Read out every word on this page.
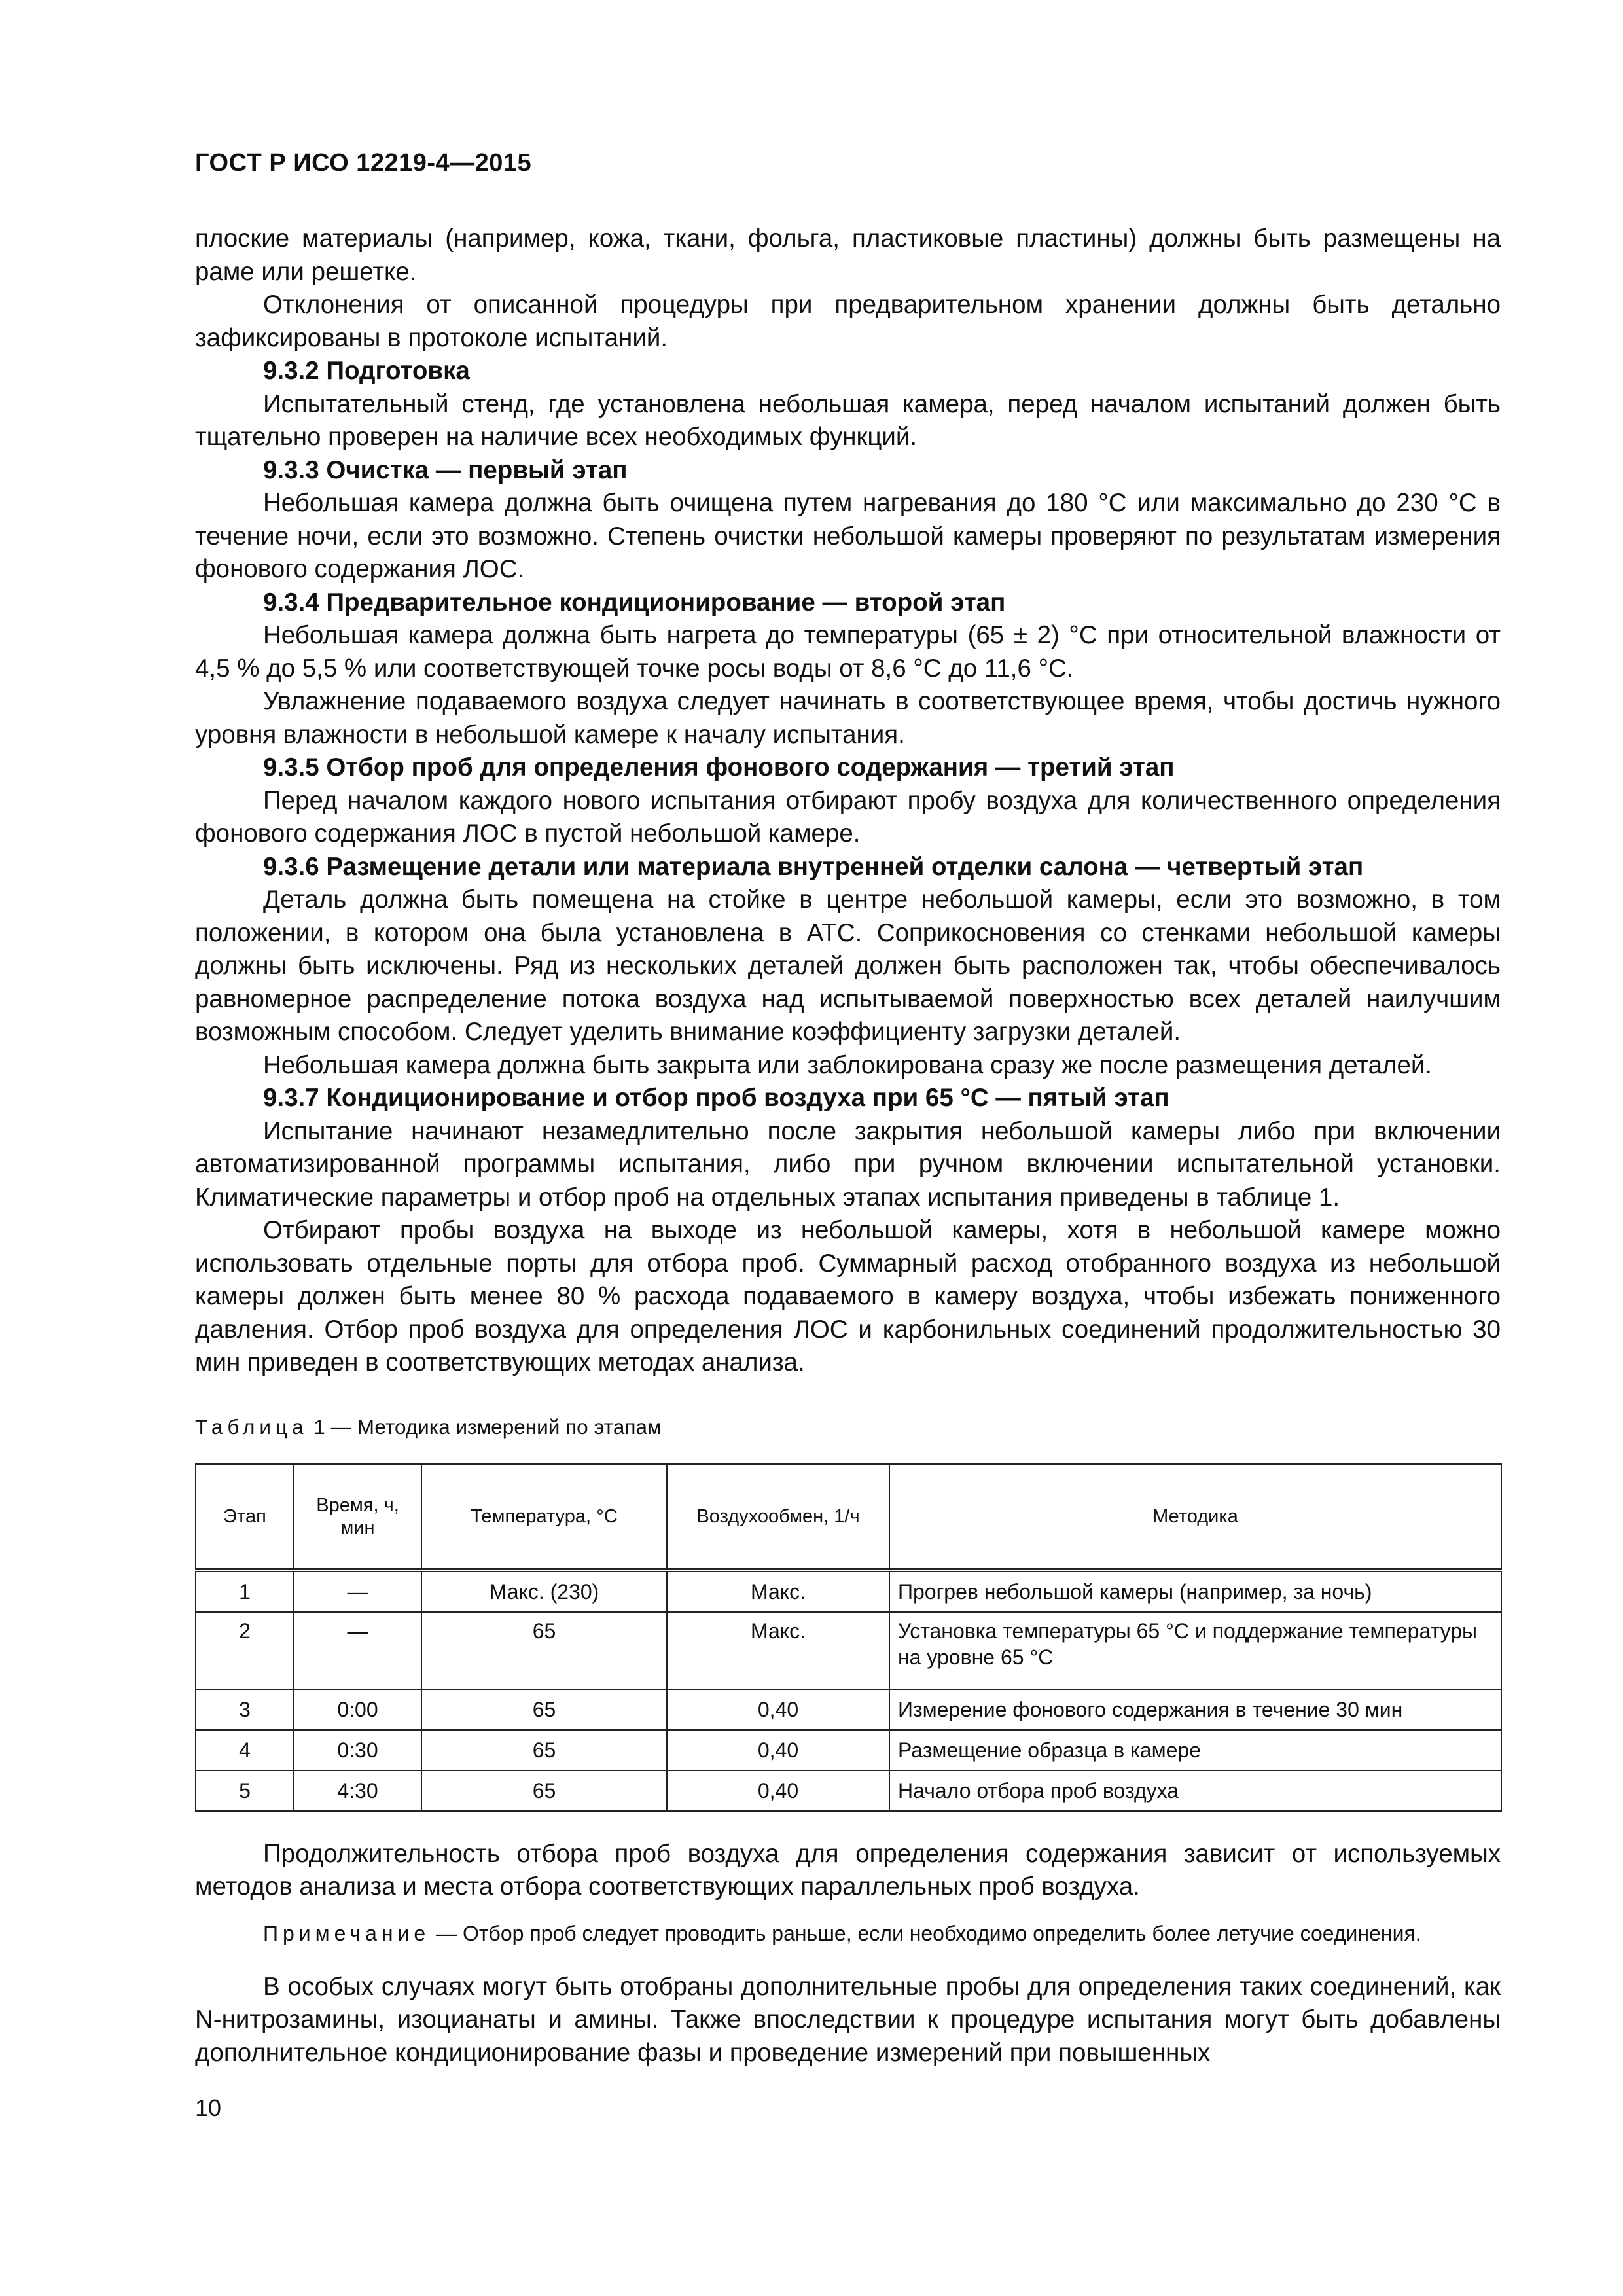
ГОСТ Р ИСО 12219-4—2015

плоские материалы (например, кожа, ткани, фольга, пластиковые пластины) должны быть размещены на раме или решетке.

Отклонения от описанной процедуры при предварительном хранении должны быть детально зафиксированы в протоколе испытаний.

9.3.2 Подготовка

Испытательный стенд, где установлена небольшая камера, перед началом испытаний должен быть тщательно проверен на наличие всех необходимых функций.

9.3.3 Очистка — первый этап

Небольшая камера должна быть очищена путем нагревания до 180 °С или максимально до 230 °С в течение ночи, если это возможно. Степень очистки небольшой камеры проверяют по результатам измерения фонового содержания ЛОС.

9.3.4 Предварительное кондиционирование — второй этап

Небольшая камера должна быть нагрета до температуры (65 ± 2) °С при относительной влажности от 4,5 % до 5,5 % или соответствующей точке росы воды от 8,6 °С до 11,6 °С.

Увлажнение подаваемого воздуха следует начинать в соответствующее время, чтобы достичь нужного уровня влажности в небольшой камере к началу испытания.

9.3.5 Отбор проб для определения фонового содержания — третий этап

Перед началом каждого нового испытания отбирают пробу воздуха для количественного определения фонового содержания ЛОС в пустой небольшой камере.

9.3.6 Размещение детали или материала внутренней отделки салона — четвертый этап

Деталь должна быть помещена на стойке в центре небольшой камеры, если это возможно, в том положении, в котором она была установлена в АТС. Соприкосновения со стенками небольшой камеры должны быть исключены. Ряд из нескольких деталей должен быть расположен так, чтобы обеспечивалось равномерное распределение потока воздуха над испытываемой поверхностью всех деталей наилучшим возможным способом. Следует уделить внимание коэффициенту загрузки деталей.

Небольшая камера должна быть закрыта или заблокирована сразу же после размещения деталей.

9.3.7 Кондиционирование и отбор проб воздуха при 65 °С — пятый этап

Испытание начинают незамедлительно после закрытия небольшой камеры либо при включении автоматизированной программы испытания, либо при ручном включении испытательной установки. Климатические параметры и отбор проб на отдельных этапах испытания приведены в таблице 1.

Отбирают пробы воздуха на выходе из небольшой камеры, хотя в небольшой камере можно использовать отдельные порты для отбора проб. Суммарный расход отобранного воздуха из небольшой камеры должен быть менее 80 % расхода подаваемого в камеру воздуха, чтобы избежать пониженного давления. Отбор проб воздуха для определения ЛОС и карбонильных соединений продолжительностью 30 мин приведен в соответствующих методах анализа.

Таблица 1 — Методика измерений по этапам
Этап	Время, ч, мин	Температура, °С	Воздухообмен, 1/ч	Методика
1	—	Макс. (230)	Макс.	Прогрев небольшой камеры (например, за ночь)
2	—	65	Макс.	Установка температуры 65 °С и поддержание температуры на уровне 65 °С
3	0:00	65	0,40	Измерение фонового содержания в течение 30 мин
4	0:30	65	0,40	Размещение образца в камере
5	4:30	65	0,40	Начало отбора проб воздуха

Продолжительность отбора проб воздуха для определения содержания зависит от используемых методов анализа и места отбора соответствующих параллельных проб воздуха.

Примечание — Отбор проб следует проводить раньше, если необходимо определить более летучие соединения.

В особых случаях могут быть отобраны дополнительные пробы для определения таких соединений, как N-нитрозамины, изоцианаты и амины. Также впоследствии к процедуре испытания могут быть добавлены дополнительное кондиционирование фазы и проведение измерений при повышенных

10
